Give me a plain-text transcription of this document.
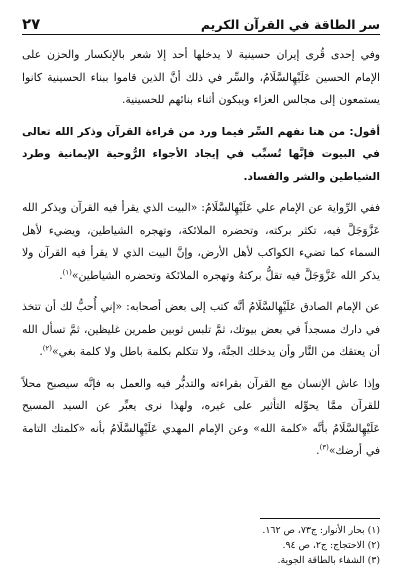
سر الطاقة في القرآن الكريم
٢٧

وفي إحدى قُرى إيران حسينية لا يدخلها أحد إلا شعر بالإنكسار والحزن على الإمام الحسين عَلَيْهِالسَّلَامُ، والسِّر في ذلك أنَّ الذين قاموا ببناء الحسينية كانوا يستمعون إلى مجالس العزاء ويبكون أثناء بنائهم للحسينية.

أقول: من هنا نفهم السِّر فيما ورد من قراءة القرآن وذكر الله تعالى في البيوت فإنَّها تُسبِّب في إيجاد الأجواء الرُّوحية الإيمانية وطرد الشياطين والشر والفساد.

ففي الرِّواية عن الإمام علي عَلَيْهِالسَّلَامُ: «البيت الذي يقرأ فيه القرآن ويذكر الله عَزَّوَجَلَّ فيه، تكثر بركته، وتحضره الملائكة، وتهجره الشياطين، ويضيء لأهل السماء كما تضيء الكواكب لأهل الأرض، وإنَّ البيت الذي لا يقرأ فيه القرآن ولا يذكر الله عَزَّوَجَلَّ فيه تقلُّ بركتهُ وتهجره الملائكة وتحضره الشياطين»$^{(١)}$.

عن الإمام الصادق عَلَيْهِالسَّلَامُ أنَّه كتب إلى بعض أصحابه: «إني أُحبُّ لك أن تتخذ في دارك مسجداً في بعض بيوتك، ثمَّ تلبس ثوبين طمرين غليظين، ثمَّ تسأل الله أن يعتقك من النَّار وأن يدخلك الجنَّة، ولا تتكلم بكلمة باطل ولا كلمة بغي»$^{(٢)}$.

وإذا عاش الإنسان مع القرآن بقراءته والتدبُّر فيه والعمل به فإنَّه سيصبح محلاً للقرآن ممَّا يحوِّله التأثير على غيره، ولهذا نرى يعبِّر عن السيد المسيح عَلَيْهِالسَّلَامُ بأنَّه «كلمة الله» وعن الإمام المهدي عَلَيْهِالسَّلَامُ بأنه «كلمتك التامة في أرضك»$^{(٣)}$.

(١) بحار الأنوار: ج٧٣، ص ١٦٢.
(٢) الاحتجاج: ج٢، ص ٩٤.
(٣) الشفاء بالطاقة الجوية.
